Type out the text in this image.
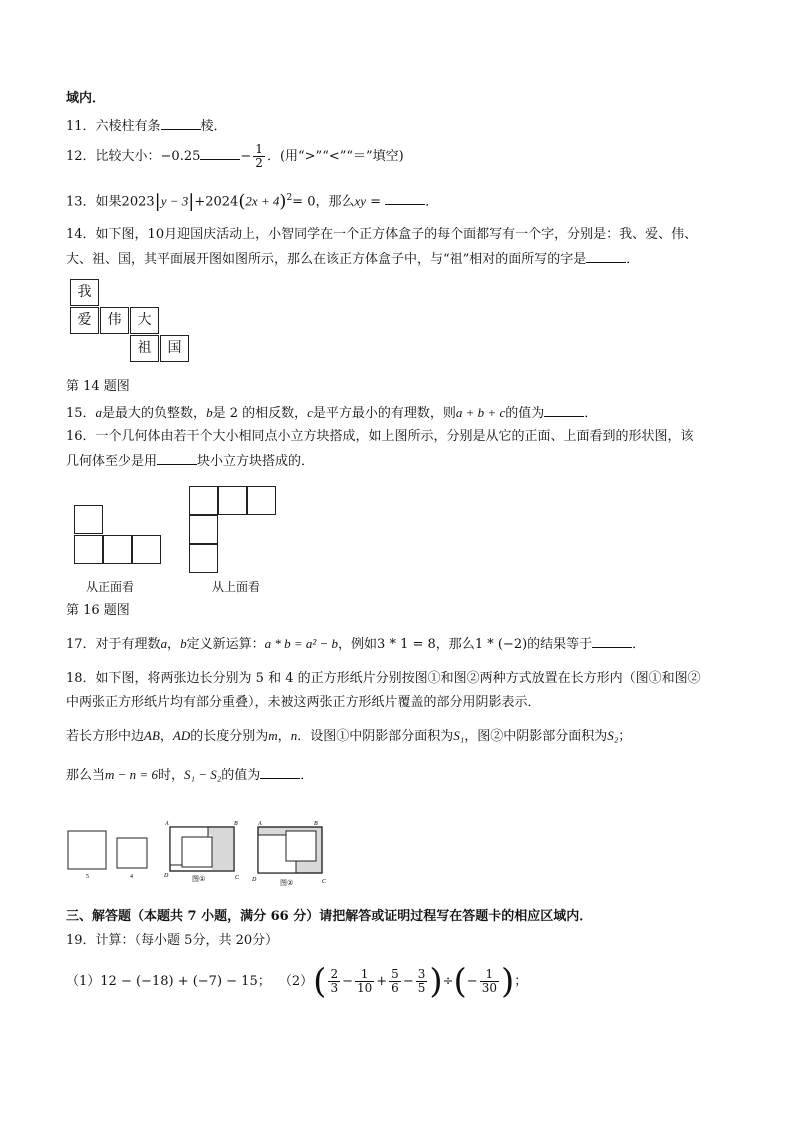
域内．
11．六棱柱有条	棱．
12．比较大小：−0.25	− $\frac{1}{2}$ ．(用“>”“<”“＝”填空)
13．如果$2023|y - 3|+2024(2x + 4)^2= 0$，那么xy =	．
14．如下图，10月迎国庆活动上，小智同学在一个正方体盒子的每个面都写有一个字，分别是：我、爱、伟、
大、祖、国，其平面展开图如图所示，那么在该正方体盒子中，与“祖”相对的面所写的字是	．
我
爱	伟	大
祖	国
第 14 题图
15．a是最大的负整数，b是 2 的相反数，c是平方最小的有理数，则a + b + c的值为	．
16．一个几何体由若干个大小相同点小立方块搭成，如上图所示，分别是从它的正面、上面看到的形状图，该
几何体至少是用	块小立方块搭成的．
从正面看	从上面看
第 16 题图
17．对于有理数a，b定义新运算：a * b = a² − b，例如3 * 1 = 8，那么1 * (−2)的结果等于	．
18．如下图，将两张边长分别为 5 和 4 的正方形纸片分别按图①和图②两种方式放置在长方形内（图①和图②
中两张正方形纸片均有部分重叠），未被这两张正方形纸片覆盖的部分用阴影表示．
若长方形中边AB，AD的长度分别为m，n．设图①中阴影部分面积为S₁，图②中阴影部分面积为S₂；
那么当m − n = 6时，S₁ − S₂的值为	．
5	4
A	B
D	C
图①
A	B
D	C
图②
三、解答题（本题共 7 小题，满分 66 分）请把解答或证明过程写在答题卡的相应区域内．
19．计算：（每小题 5分，共 20分）
（1）12 − (−18) + (−7) − 15； $(2)( \frac{2}{3} - \frac{1}{10} + \frac{5}{6} - \frac{3}{5}$ )÷(− $\frac{1}{30}$ )；
